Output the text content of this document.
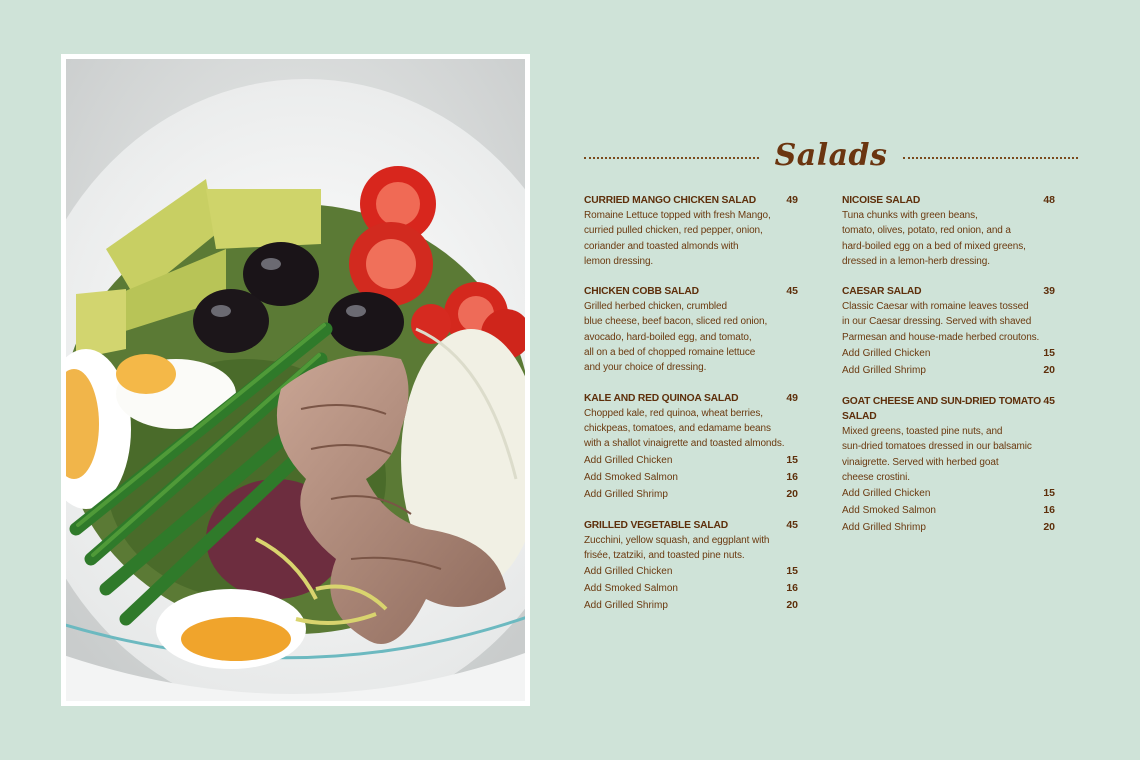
Salads
CURRIED MANGO CHICKEN SALAD	49
Romaine Lettuce topped with fresh Mango,
curried pulled chicken, red pepper, onion,
coriander and toasted almonds with
lemon dressing.
CHICKEN COBB SALAD	45
Grilled herbed chicken, crumbled
blue cheese, beef bacon, sliced red onion,
avocado, hard-boiled egg, and tomato,
all on a bed of chopped romaine lettuce
and your choice of dressing.
KALE AND RED QUINOA SALAD	49
Chopped kale, red quinoa, wheat berries,
chickpeas, tomatoes, and edamame beans
with a shallot vinaigrette and toasted almonds.
Add Grilled Chicken	15
Add Smoked Salmon	16
Add Grilled Shrimp	20
GRILLED VEGETABLE SALAD	45
Zucchini, yellow squash, and eggplant with
frisée, tzatziki, and toasted pine nuts.
Add Grilled Chicken	15
Add Smoked Salmon	16
Add Grilled Shrimp	20
NICOISE SALAD	48
Tuna chunks with green beans,
tomato, olives, potato, red onion, and a
hard-boiled egg on a bed of mixed greens,
dressed in a lemon-herb dressing.
CAESAR SALAD	39
Classic Caesar with romaine leaves tossed
in our Caesar dressing. Served with shaved
Parmesan and house-made herbed croutons.
Add Grilled Chicken	15
Add Grilled Shrimp	20
GOAT CHEESE AND SUN-DRIED TOMATO SALAD
45
Mixed greens, toasted pine nuts, and
sun-dried tomatoes dressed in our balsamic
vinaigrette. Served with herbed goat
cheese crostini.
Add Grilled Chicken	15
Add Smoked Salmon	16
Add Grilled Shrimp	20
